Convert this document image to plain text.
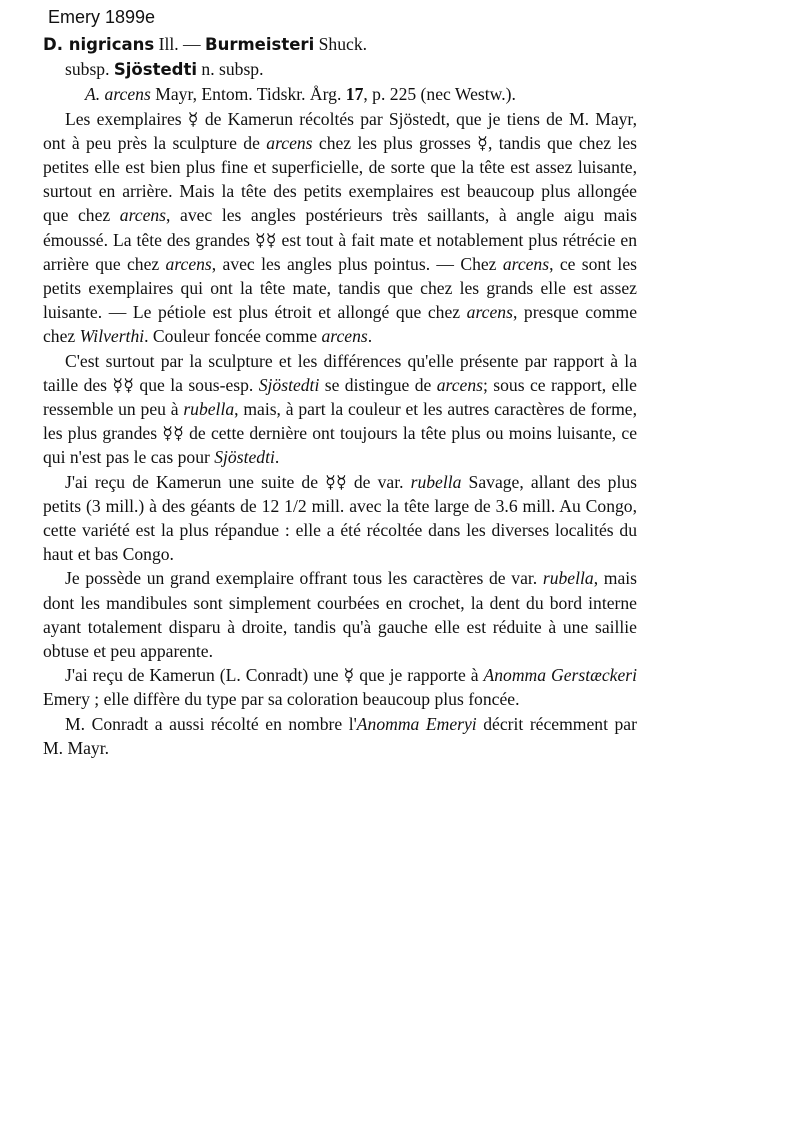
Emery 1899e
D. nigricans Ill. — Burmeisteri Shuck.
subsp. Sjöstedti n. subsp.
A. arcens Mayr, Entom. Tidskr. Årg. 17, p. 225 (nec Westw.).

Les exemplaires ☿ de Kamerun récoltés par Sjöstedt, que je tiens de M. Mayr, ont à peu près la sculpture de arcens chez les plus grosses ☿, tandis que chez les petites elle est bien plus fine et superficielle, de sorte que la tête est assez luisante, surtout en arrière. Mais la tête des petits exemplaires est beaucoup plus allongée que chez arcens, avec les angles postérieurs très saillants, à angle aigu mais émoussé. La tête des grandes ☿☿ est tout à fait mate et notablement plus rétrécie en arrière que chez arcens, avec les angles plus pointus. — Chez arcens, ce sont les petits exemplaires qui ont la tête mate, tandis que chez les grands elle est assez luisante. — Le pétiole est plus étroit et allongé que chez arcens, presque comme chez Wilverthi. Couleur foncée comme arcens.

C'est surtout par la sculpture et les différences qu'elle présente par rapport à la taille des ☿☿ que la sous-esp. Sjöstedti se distingue de arcens; sous ce rapport, elle ressemble un peu à rubella, mais, à part la couleur et les autres caractères de forme, les plus grandes ☿☿ de cette dernière ont toujours la tête plus ou moins luisante, ce qui n'est pas le cas pour Sjöstedti.

J'ai reçu de Kamerun une suite de ☿☿ de var. rubella Savage, allant des plus petits (3 mill.) à des géants de 12 1/2 mill. avec la tête large de 3.6 mill. Au Congo, cette variété est la plus répandue : elle a été récoltée dans les diverses localités du haut et bas Congo.

Je possède un grand exemplaire offrant tous les caractères de var. rubella, mais dont les mandibules sont simplement courbées en crochet, la dent du bord interne ayant totalement disparu à droite, tandis qu'à gauche elle est réduite à une saillie obtuse et peu apparente.

J'ai reçu de Kamerun (L. Conradt) une ☿ que je rapporte à Anomma Gerstæckeri Emery ; elle diffère du type par sa coloration beaucoup plus foncée.

M. Conradt a aussi récolté en nombre l'Anomma Emeryi décrit récemment par M. Mayr.
